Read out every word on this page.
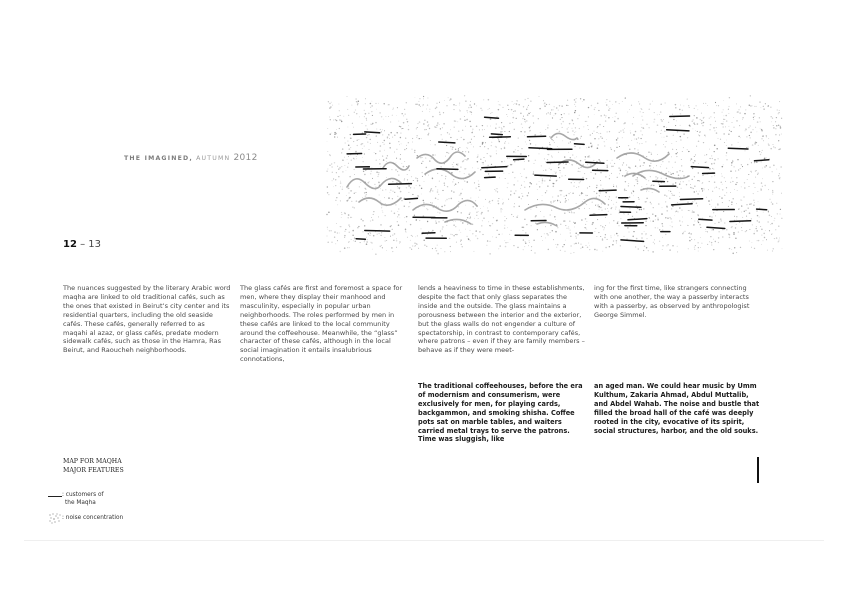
THE IMAGINED, AUTUMN 2012
12 – 13

The nuances suggested by the literary Arabic word maqha are linked to old traditional cafés, such as the ones that existed in Beirut’s city center and its residential quarters, including the old seaside cafés. These cafés, generally referred to as maqahi al azaz, or glass cafés, predate modern sidewalk cafés, such as those in the Hamra, Ras Beirut, and Raoucheh neighborhoods.

The glass cafés are first and foremost a space for men, where they display their manhood and masculinity, especially in popular urban neighborhoods. The roles performed by men in these cafés are linked to the local community around the coffeehouse. Meanwhile, the “glass” character of these cafés, although in the local social imagination it entails insalubrious connotations,

lends a heaviness to time in these establishments, despite the fact that only glass separates the inside and the outside. The glass maintains a porousness between the interior and the exterior, but the glass walls do not engender a culture of spectatorship, in contrast to contemporary cafés, where patrons – even if they are family members – behave as if they were meet-

ing for the first time, like strangers connecting with one another, the way a passerby interacts with a passerby, as observed by anthropologist George Simmel.

The traditional coffeehouses, before the era of modernism and consumerism, were exclusively for men, for playing cards, backgammon, and smoking shisha. Coffee pots sat on marble tables, and waiters carried metal trays to serve the patrons. Time was sluggish, like

an aged man. We could hear music by Umm Kulthum, Zakaria Ahmad, Abdul Muttalib, and Abdel Wahab. The noise and bustle that filled the broad hall of the café was deeply rooted in the city, evocative of its spirit, social structures, harbor, and the old souks.

MAP FOR MAQHA
MAJOR FEATURES
: customers of
the Maqha
: noise concentration
